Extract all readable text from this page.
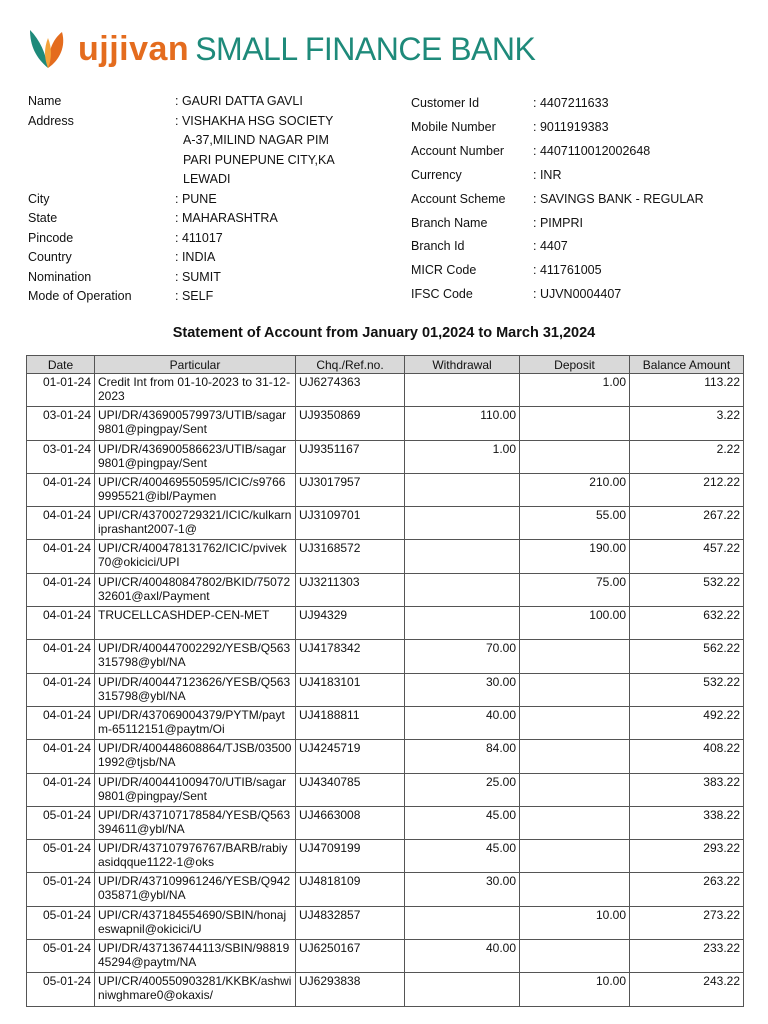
ujjivan SMALL FINANCE BANK
Name	: GAURI DATTA GAVLI
Address	: VISHAKHA HSG SOCIETY
A-37,MILIND NAGAR PIM
PARI PUNEPUNE CITY,KA
LEWADI
City	: PUNE
State	: MAHARASHTRA
Pincode	: 411017
Country	: INDIA
Nomination	: SUMIT
Mode of Operation	: SELF
Customer Id	: 4407211633
Mobile Number	: 9011919383
Account Number	: 4407110012002648
Currency	: INR
Account Scheme	: SAVINGS BANK - REGULAR
Branch Name	: PIMPRI
Branch Id	: 4407
MICR Code	: 411761005
IFSC Code	: UJVN0004407
Statement of Account from January 01,2024 to March 31,2024
Date	Particular	Chq./Ref.no.	Withdrawal	Deposit	Balance Amount
01-01-24	Credit Int from 01-10-2023 to 31-12-2023	UJ6274363		1.00	113.22
03-01-24	UPI/DR/436900579973/UTIB/sagar9801@pingpay/Sent	UJ9350869	110.00		3.22
03-01-24	UPI/DR/436900586623/UTIB/sagar9801@pingpay/Sent	UJ9351167	1.00		2.22
04-01-24	UPI/CR/400469550595/ICIC/s97669995521@ibl/Paymen	UJ3017957		210.00	212.22
04-01-24	UPI/CR/437002729321/ICIC/kulkarniprashant2007-1@	UJ3109701		55.00	267.22
04-01-24	UPI/CR/400478131762/ICIC/pvivek70@okicici/UPI	UJ3168572		190.00	457.22
04-01-24	UPI/CR/400480847802/BKID/7507232601@axl/Payment	UJ3211303		75.00	532.22
04-01-24	TRUCELLCASHDEP-CEN-MET	UJ94329		100.00	632.22
04-01-24	UPI/DR/400447002292/YESB/Q563315798@ybl/NA	UJ4178342	70.00		562.22
04-01-24	UPI/DR/400447123626/YESB/Q563315798@ybl/NA	UJ4183101	30.00		532.22
04-01-24	UPI/DR/437069004379/PYTM/paytm-65112151@paytm/Oi	UJ4188811	40.00		492.22
04-01-24	UPI/DR/400448608864/TJSB/035001992@tjsb/NA	UJ4245719	84.00		408.22
04-01-24	UPI/DR/400441009470/UTIB/sagar9801@pingpay/Sent	UJ4340785	25.00		383.22
05-01-24	UPI/DR/437107178584/YESB/Q563394611@ybl/NA	UJ4663008	45.00		338.22
05-01-24	UPI/DR/437107976767/BARB/rabiyasidqque1122-1@oks	UJ4709199	45.00		293.22
05-01-24	UPI/DR/437109961246/YESB/Q942035871@ybl/NA	UJ4818109	30.00		263.22
05-01-24	UPI/CR/437184554690/SBIN/honajeswapnil@okicici/U	UJ4832857		10.00	273.22
05-01-24	UPI/DR/437136744113/SBIN/9881945294@paytm/NA	UJ6250167	40.00		233.22
05-01-24	UPI/CR/400550903281/KKBK/ashwiniwghmare0@okaxis/	UJ6293838		10.00	243.22
